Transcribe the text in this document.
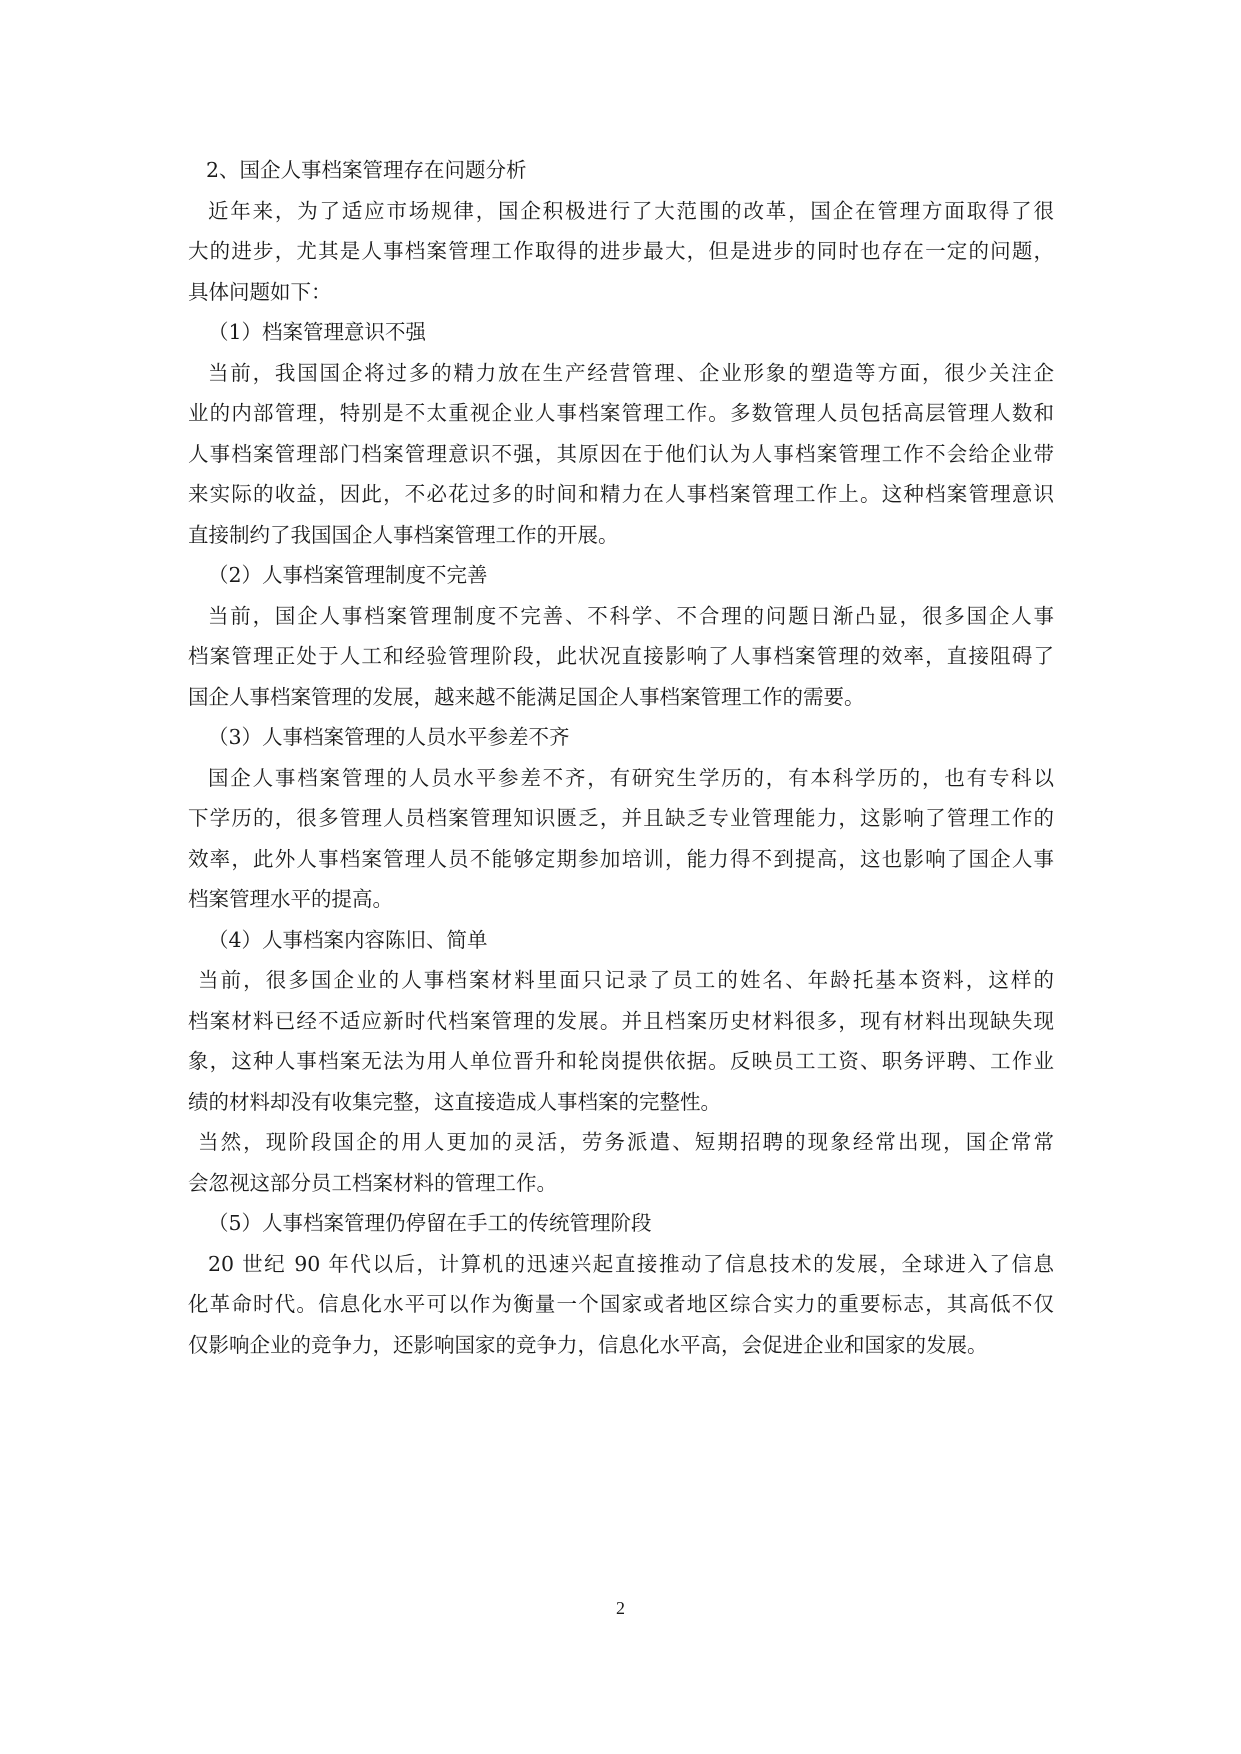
2、国企人事档案管理存在问题分析
近年来，为了适应市场规律，国企积极进行了大范围的改革，国企在管理方面取得了很
大的进步，尤其是人事档案管理工作取得的进步最大，但是进步的同时也存在一定的问题，
具体问题如下：
（1）档案管理意识不强
当前，我国国企将过多的精力放在生产经营管理、企业形象的塑造等方面，很少关注企
业的内部管理，特别是不太重视企业人事档案管理工作。多数管理人员包括高层管理人数和
人事档案管理部门档案管理意识不强，其原因在于他们认为人事档案管理工作不会给企业带
来实际的收益，因此，不必花过多的时间和精力在人事档案管理工作上。这种档案管理意识
直接制约了我国国企人事档案管理工作的开展。
（2）人事档案管理制度不完善
当前，国企人事档案管理制度不完善、不科学、不合理的问题日渐凸显，很多国企人事
档案管理正处于人工和经验管理阶段，此状况直接影响了人事档案管理的效率，直接阻碍了
国企人事档案管理的发展，越来越不能满足国企人事档案管理工作的需要。
（3）人事档案管理的人员水平参差不齐
国企人事档案管理的人员水平参差不齐，有研究生学历的，有本科学历的，也有专科以
下学历的，很多管理人员档案管理知识匮乏，并且缺乏专业管理能力，这影响了管理工作的
效率，此外人事档案管理人员不能够定期参加培训，能力得不到提高，这也影响了国企人事
档案管理水平的提高。
（4）人事档案内容陈旧、简单
当前，很多国企业的人事档案材料里面只记录了员工的姓名、年龄托基本资料，这样的
档案材料已经不适应新时代档案管理的发展。并且档案历史材料很多，现有材料出现缺失现
象，这种人事档案无法为用人单位晋升和轮岗提供依据。反映员工工资、职务评聘、工作业
绩的材料却没有收集完整，这直接造成人事档案的完整性。
当然，现阶段国企的用人更加的灵活，劳务派遣、短期招聘的现象经常出现，国企常常
会忽视这部分员工档案材料的管理工作。
（5）人事档案管理仍停留在手工的传统管理阶段
20 世纪 90 年代以后，计算机的迅速兴起直接推动了信息技术的发展，全球进入了信息
化革命时代。信息化水平可以作为衡量一个国家或者地区综合实力的重要标志，其高低不仅
仅影响企业的竞争力，还影响国家的竞争力，信息化水平高，会促进企业和国家的发展。
2
